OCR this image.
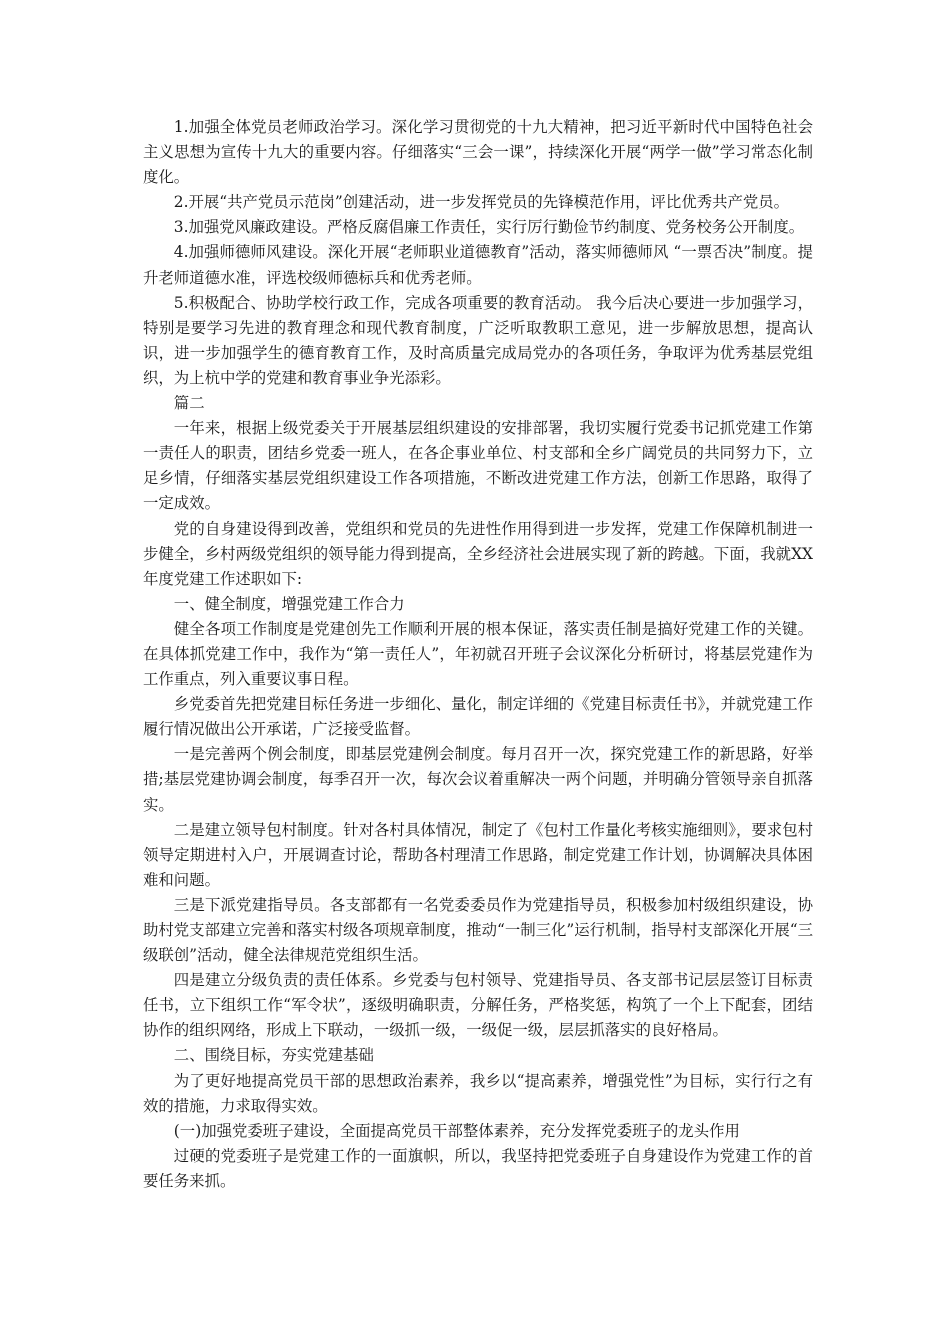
1.加强全体党员老师政治学习。深化学习贯彻党的十九大精神，把习近平新时代中国特色社会主义思想为宣传十九大的重要内容。仔细落实“三会一课”，持续深化开展“两学一做”学习常态化制度化。

2.开展“共产党员示范岗”创建活动，进一步发挥党员的先锋模范作用，评比优秀共产党员。

3.加强党风廉政建设。严格反腐倡廉工作责任，实行厉行勤俭节约制度、党务校务公开制度。

4.加强师德师风建设。深化开展“老师职业道德教育”活动，落实师德师风 “一票否决”制度。提升老师道德水准，评选校级师德标兵和优秀老师。

5.积极配合、协助学校行政工作，完成各项重要的教育活动。 我今后决心要进一步加强学习，特别是要学习先进的教育理念和现代教育制度，广泛听取教职工意见，进一步解放思想，提高认识，进一步加强学生的德育教育工作，及时高质量完成局党办的各项任务，争取评为优秀基层党组织，为上杭中学的党建和教育事业争光添彩。

篇二

一年来，根据上级党委关于开展基层组织建设的安排部署，我切实履行党委书记抓党建工作第一责任人的职责，团结乡党委一班人，在各企事业单位、村支部和全乡广阔党员的共同努力下，立足乡情，仔细落实基层党组织建设工作各项措施，不断改进党建工作方法，创新工作思路，取得了一定成效。

党的自身建设得到改善，党组织和党员的先进性作用得到进一步发挥，党建工作保障机制进一步健全，乡村两级党组织的领导能力得到提高，全乡经济社会进展实现了新的跨越。下面，我就XX年度党建工作述职如下:

一、健全制度，增强党建工作合力

健全各项工作制度是党建创先工作顺利开展的根本保证，落实责任制是搞好党建工作的关键。在具体抓党建工作中，我作为“第一责任人”，年初就召开班子会议深化分析研讨，将基层党建作为工作重点，列入重要议事日程。

乡党委首先把党建目标任务进一步细化、量化，制定详细的《党建目标责任书》，并就党建工作履行情况做出公开承诺，广泛接受监督。

一是完善两个例会制度，即基层党建例会制度。每月召开一次，探究党建工作的新思路，好举措;基层党建协调会制度，每季召开一次，每次会议着重解决一两个问题，并明确分管领导亲自抓落实。

二是建立领导包村制度。针对各村具体情况，制定了《包村工作量化考核实施细则》，要求包村领导定期进村入户，开展调查讨论，帮助各村理清工作思路，制定党建工作计划，协调解决具体困难和问题。

三是下派党建指导员。各支部都有一名党委委员作为党建指导员，积极参加村级组织建设，协助村党支部建立完善和落实村级各项规章制度，推动“一制三化”运行机制，指导村支部深化开展“三级联创”活动，健全法律规范党组织生活。

四是建立分级负责的责任体系。乡党委与包村领导、党建指导员、各支部书记层层签订目标责任书，立下组织工作“军令状”，逐级明确职责，分解任务，严格奖惩，构筑了一个上下配套，团结协作的组织网络，形成上下联动，一级抓一级，一级促一级，层层抓落实的良好格局。

二、围绕目标，夯实党建基础

为了更好地提高党员干部的思想政治素养，我乡以“提高素养，增强党性”为目标，实行行之有效的措施，力求取得实效。

(一)加强党委班子建设，全面提高党员干部整体素养，充分发挥党委班子的龙头作用

过硬的党委班子是党建工作的一面旗帜，所以，我坚持把党委班子自身建设作为党建工作的首要任务来抓。
